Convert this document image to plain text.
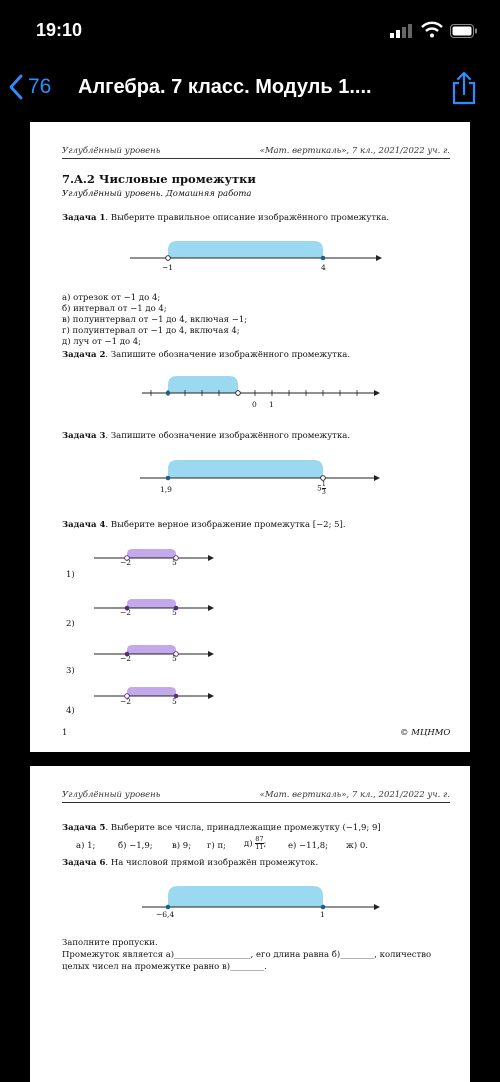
19:10
76 Алгебра. 7 класс. Модуль 1....
Углублённый уровень	«Мат. вертикаль», 7 кл., 2021/2022 уч. г.
7.A.2 Числовые промежутки
Углублённый уровень. Домашняя работа
Задача 1. Выберите правильное описание изображённого промежутка.
−1	4
а) отрезок от −1 до 4;
б) интервал от −1 до 4;
в) полуинтервал от −1 до 4, включая −1;
г) полуинтервал от −1 до 4, включая 4;
д) луч от −1 до 4;
Задача 2. Запишите обозначение изображённого промежутка.
0 1
Задача 3. Запишите обозначение изображённого промежутка.
1,9	$5 \frac{1}{3}$
Задача 4. Выберите верное изображение промежутка [−2; 5].
−2	5
1)
−2	5
2)
−2	5
3)
−2	5
4)
1	© МЦНМО
Углублённый уровень	«Мат. вертикаль», 7 кл., 2021/2022 уч. г.
Задача 5. Выберите все числа, принадлежащие промежутку (−1,9; 9]
а) 1;	б) −1,9; в) 9; г) π; $д) \frac{87}{11}$ ;	е) −11,8; ж) 0.
Задача 6. На числовой прямой изображён промежуток.
−6,4	1
Заполните пропуски.
Промежуток является а)__________________, его длина равна б)________, количество
целых чисел на промежутке равно в)________.
